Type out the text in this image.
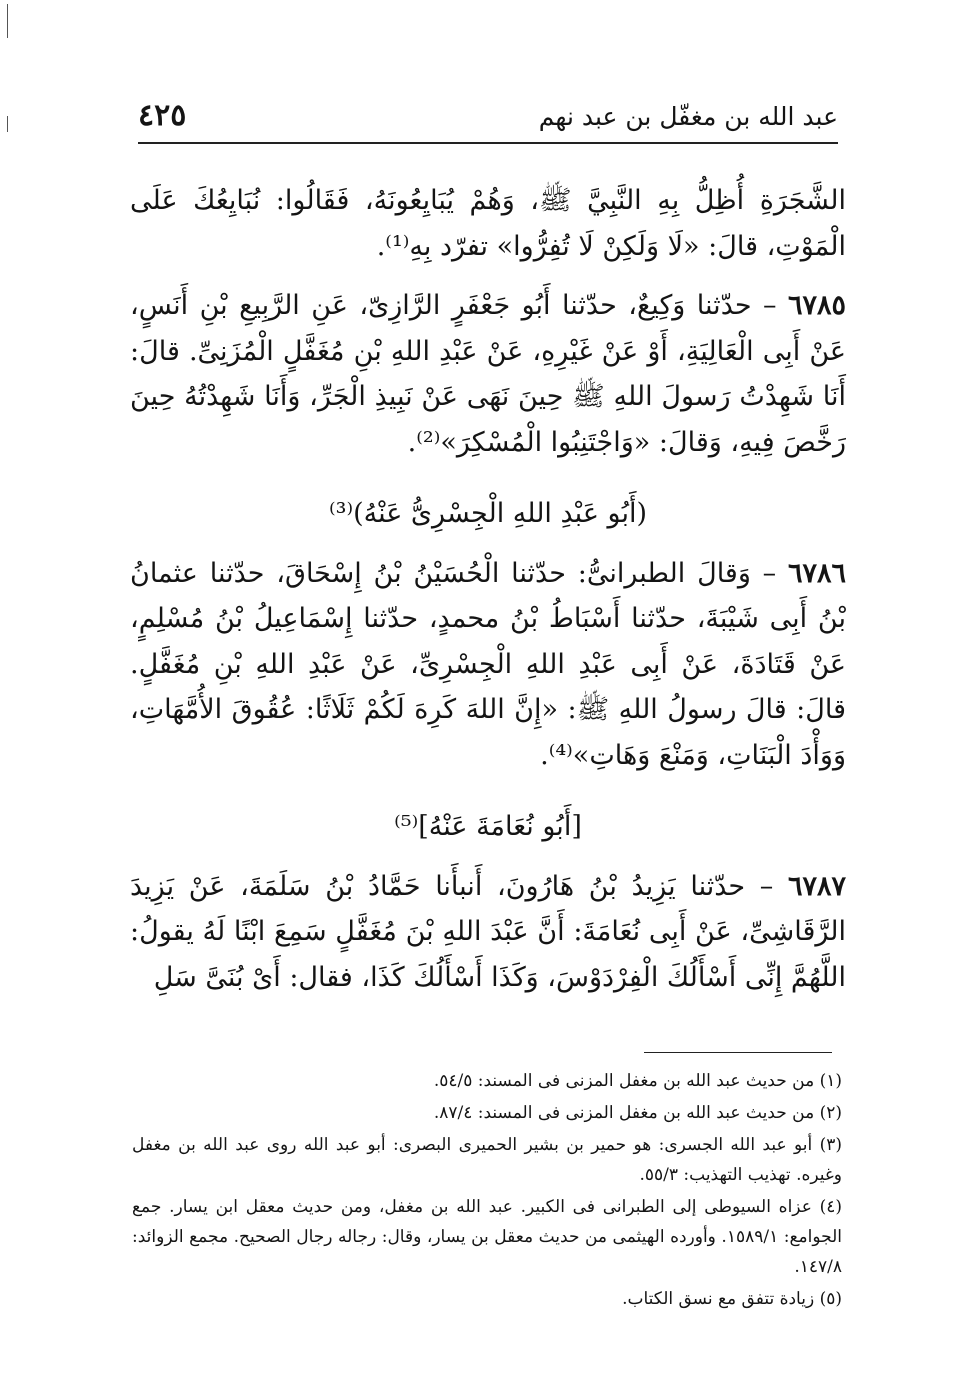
عبد الله بن مغفّل بن عبد نهم
٤٢٥

الشَّجَرَةِ أُظِلُّ بِهِ النَّبِيَّ ﷺ، وَهُمْ يُبَايِعُونَهُ، فَقَالُوا: نُبَايِعُكَ عَلَى الْمَوْتِ، قالَ: «لَا وَلَكِنْ لَا تُفِرُّوا» تفرّد بِهِ⁽¹⁾.

٦٧٨٥ – حدّثنا وَكِيعٌ، حدّثنا أَبُو جَعْفَرٍ الرَّازِىّ، عَنِ الرَّبِيعِ بْنِ أَنَسٍ، عَنْ أَبِى الْعَالِيَةِ، أَوْ عَنْ غَيْرِهِ، عَنْ عَبْدِ اللهِ بْنِ مُغَفَّلٍ الْمُزَنِىِّ. قالَ: أَنَا شَهِدْتُ رَسولَ اللهِ ﷺ حِينَ نَهَى عَنْ نَبِيذِ الْجَرِّ، وَأَنَا شَهِدْتُهُ حِينَ رَخَّصَ فِيهِ، وَقالَ: «وَاجْتَنِبُوا الْمُسْكِرَ»⁽²⁾.

(أَبُو عَبْدِ اللهِ الْجِسْرِىُّ عَنْهُ)⁽³⁾

٦٧٨٦ – وَقالَ الطبرانىُّ: حدّثنا الْحُسَيْنُ بْنُ إِسْحَاقَ، حدّثنا عثمانُ بْنُ أَبِى شَيْبَةَ، حدّثنا أَسْبَاطُ بْنُ محمدٍ، حدّثنا إِسْمَاعِيلُ بْنُ مُسْلِمٍ، عَنْ قَتَادَةَ، عَنْ أَبِى عَبْدِ اللهِ الْجِسْرِىِّ، عَنْ عَبْدِ اللهِ بْنِ مُغَفَّلٍ. قالَ: قالَ رسولُ اللهِ ﷺ: «إِنَّ اللهَ كَرِهَ لَكُمْ ثَلَاثًا: عُقُوقَ الأُمَّهَاتِ، وَوَأْدَ الْبَنَاتِ، وَمَنْعَ وَهَاتِ»⁽⁴⁾.

[أَبُو نُعَامَةَ عَنْهُ]⁽⁵⁾

٦٧٨٧ – حدّثنا يَزِيدُ بْنُ هَارُونَ، أَنبأَنا حَمَّادُ بْنُ سَلَمَةَ، عَنْ يَزِيدَ الرَّقَاشِىِّ، عَنْ أَبِى نُعَامَةَ: أَنَّ عَبْدَ اللهِ بْنَ مُغَفَّلٍ سَمِعَ ابْنًا لَهُ يقولُ: اللَّهُمَّ إِنِّى أَسْأَلُكَ الْفِرْدَوْسَ، وَكَذَا أَسْأَلُكَ كَذَا، فقال: أَىْ بُنَىَّ سَلِ

(١) من حديث عبد الله بن مغفل المزنى فى المسند: ٥٤/٥.

(٢) من حديث عبد الله بن مغفل المزنى فى المسند: ٨٧/٤.

(٣) أبو عبد الله الجسرى: هو حمير بن بشير الحميرى البصرى: أبو عبد الله روى عبد الله بن مغفل وغيره. تهذيب التهذيب: ٥٥/٣.

(٤) عزاه السيوطى إلى الطبرانى فى الكبير. عبد الله بن مغفل، ومن حديث معقل ابن يسار. جمع الجوامع: ١٥٨٩/١. وأورده الهيثمى من حديث معقل بن يسار، وقال: رجاله رجال الصحيح. مجمع الزوائد: ١٤٧/٨.

(٥) زيادة تتفق مع نسق الكتاب.
